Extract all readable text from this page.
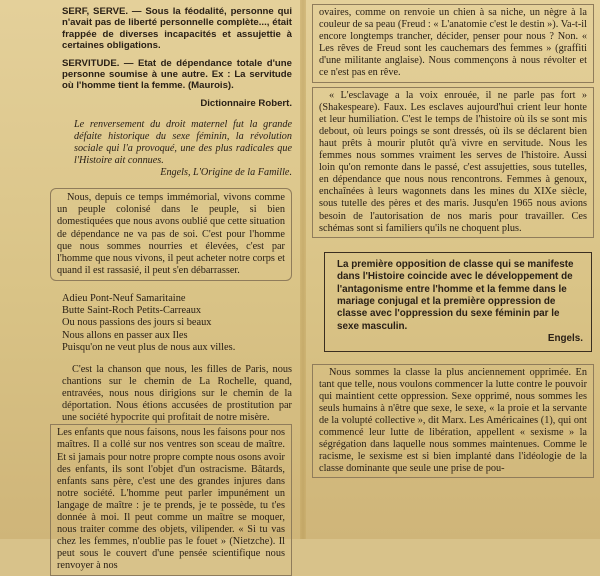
SERF, SERVE. — Sous la féodalité, personne qui n'avait pas de liberté personnelle complète..., était frappée de diverses incapacités et assujettie à certaines obligations.

SERVITUDE. — Etat de dépendance totale d'une personne soumise à une autre. Ex : La servitude où l'homme tient la femme. (Maurois).

Dictionnaire Robert.

Le renversement du droit maternel fut la grande défaite historique du sexe féminin, la révolution sociale qui l'a provoqué, une des plus radicales que l'Histoire ait connues.

Engels, L'Origine de la Famille.

Nous, depuis ce temps immémorial, vivons comme un peuple colonisé dans le peuple, si bien domestiquées que nous avons oublié que cette situation de dépendance ne va pas de soi. C'est pour l'homme que nous sommes nourries et élevées, c'est par l'homme que nous vivons, il peut acheter notre corps et quand il est rassasié, il peut s'en débarrasser.

Adieu Pont-Neuf Samaritaine
Butte Saint-Roch Petits-Carreaux
Ou nous passions des jours si beaux
Nous allons en passer aux Iles
Puisqu'on ne veut plus de nous aux villes.

C'est la chanson que nous, les filles de Paris, nous chantions sur le chemin de La Rochelle, quand, entravées, nous nous dirigions sur le chemin de la déportation. Nous étions accusées de prostitution par une société hypocrite qui profitait de notre misère.

Les enfants que nous faisons, nous les faisons pour nos maîtres. Il a collé sur nos ventres son sceau de maître. Et si jamais pour notre propre compte nous osons avoir des enfants, ils sont l'objet d'un ostracisme. Bâtards, enfants sans père, c'est une des grandes injures dans notre société. L'homme peut parler impunément un langage de maître : je te prends, je te possède, tu t'es donnée à moi. Il peut comme un maître se moquer, nous traiter comme des objets, vilipender. « Si tu vas chez les femmes, n'oublie pas le fouet » (Nietzche). Il peut sous le couvert d'une pensée scientifique nous renvoyer à nos

ovaires, comme on renvoie un chien à sa niche, un nègre à la couleur de sa peau (Freud : « L'anatomie c'est le destin »). Va-t-il encore longtemps trancher, décider, penser pour nous ? Non. « Les rêves de Freud sont les cauchemars des femmes » (graffiti d'une militante anglaise). Nous commençons à nous révolter et ce n'est pas en rêve.

« L'esclavage a la voix enrouée, il ne parle pas fort » (Shakespeare). Faux. Les esclaves aujourd'hui crient leur honte et leur humiliation. C'est le temps de l'histoire où ils se sont mis debout, où leurs poings se sont dressés, où ils se déclarent bien haut prêts à mourir plutôt qu'à vivre en servitude. Nous les femmes nous sommes vraiment les serves de l'histoire. Aussi loin qu'on remonte dans le passé, c'est assujetties, sous tutelles, en dépendance que nous nous rencontrons. Femmes à genoux, enchaînées à leurs wagonnets dans les mines du XIXe siècle, sous tutelle des pères et des maris. Jusqu'en 1965 nous avions besoin de l'autorisation de nos maris pour travailler. Ces schémas sont si familiers qu'ils ne choquent plus.

La première opposition de classe qui se manifeste dans l'Histoire coincide avec le développement de l'antagonisme entre l'homme et la femme dans le mariage conjugal et la première oppression de classe avec l'oppression du sexe féminin par le sexe masculin.

Engels.

Nous sommes la classe la plus anciennement opprimée. En tant que telle, nous voulons commencer la lutte contre le pouvoir qui maintient cette oppression. Sexe opprimé, nous sommes les seuls humains à n'être que sexe, le sexe, « la proie et la servante de la volupté collective », dit Marx. Les Américaines (1), qui ont commencé leur lutte de libération, appellent « sexisme » la ségrégation dans laquelle nous sommes maintenues. Comme le racisme, le sexisme est si bien implanté dans l'idéologie de la classe dominante que seule une prise de pou-
